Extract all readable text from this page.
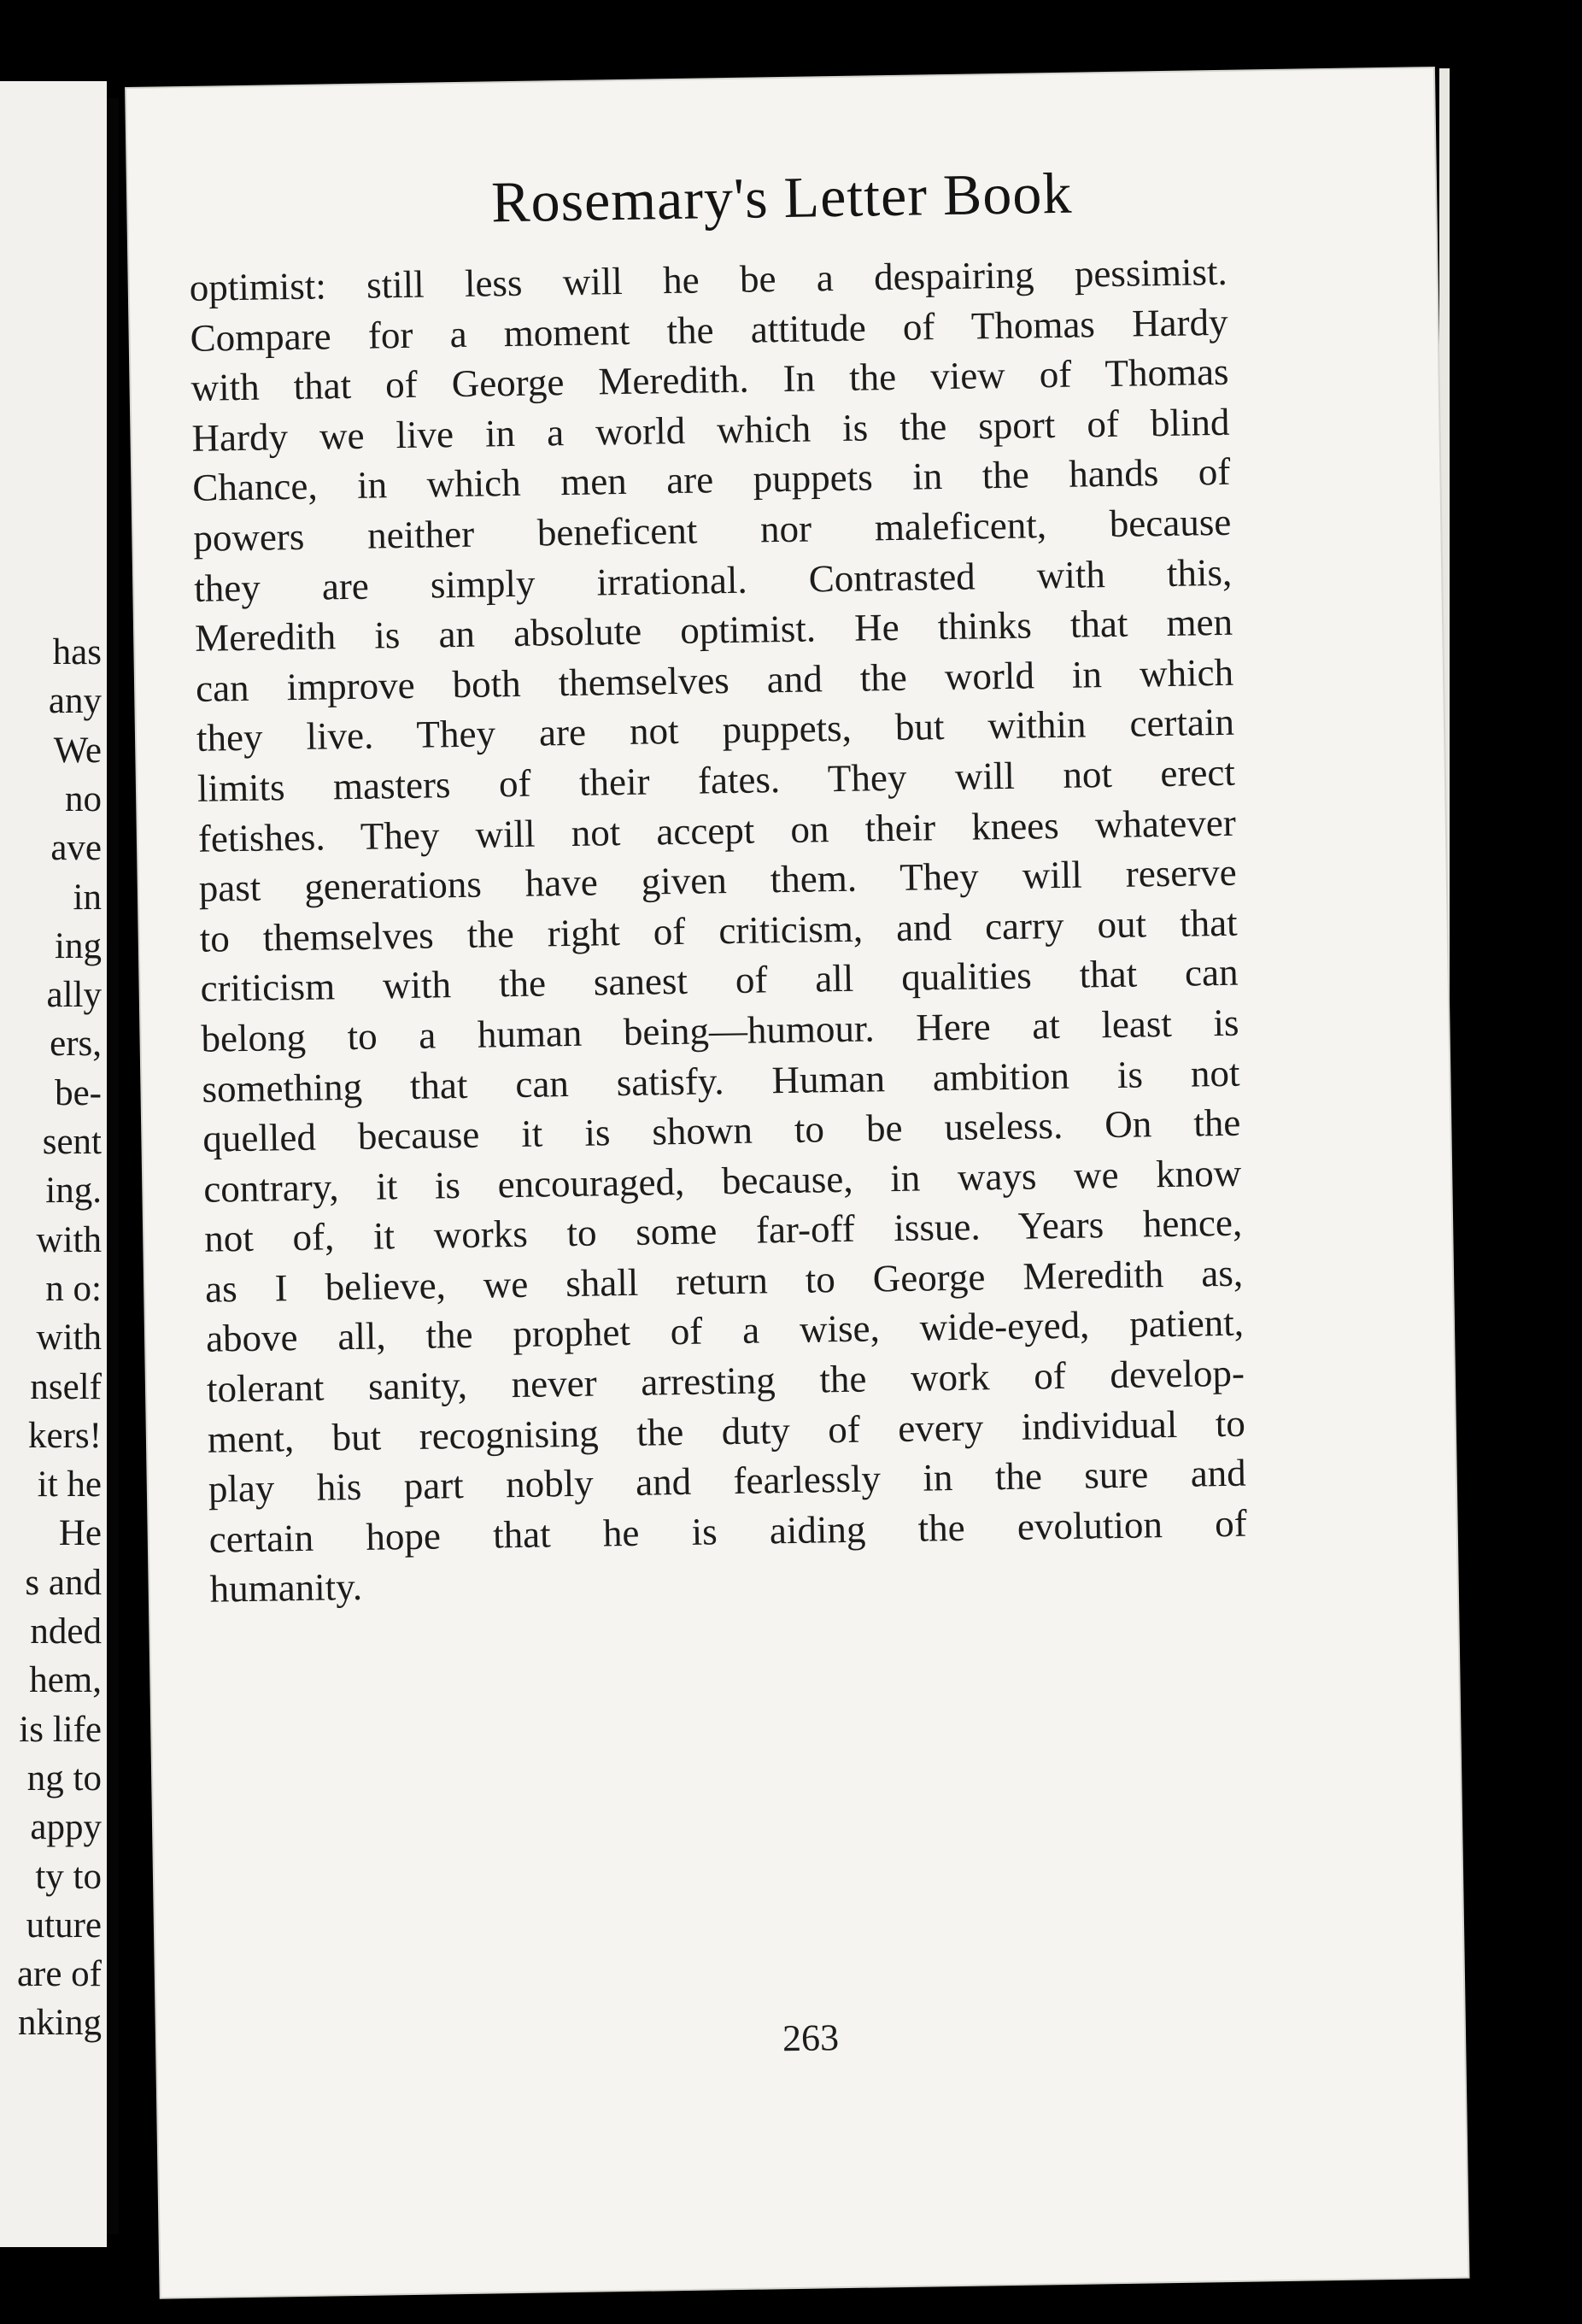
has
any
We
no
ave
in
ing
ally
ers,
be-
sent
ing.
with
n o:
with
nself
kers!
it he
He
s and
nded
hem,
is life
ng to
appy
ty to
uture
are of
nking
Rosemary's Letter Book
optimist: still less will he be a despairing pessimist.
Compare for a moment the attitude of Thomas Hardy
with that of George Meredith. In the view of Thomas
Hardy we live in a world which is the sport of blind
Chance, in which men are puppets in the hands of
powers neither beneficent nor maleficent, because
they are simply irrational. Contrasted with this,
Meredith is an absolute optimist. He thinks that men
can improve both themselves and the world in which
they live. They are not puppets, but within certain
limits masters of their fates. They will not erect
fetishes. They will not accept on their knees whatever
past generations have given them. They will reserve
to themselves the right of criticism, and carry out that
criticism with the sanest of all qualities that can
belong to a human being—humour. Here at least is
something that can satisfy. Human ambition is not
quelled because it is shown to be useless. On the
contrary, it is encouraged, because, in ways we know
not of, it works to some far-off issue. Years hence,
as I believe, we shall return to George Meredith as,
above all, the prophet of a wise, wide-eyed, patient,
tolerant sanity, never arresting the work of develop-
ment, but recognising the duty of every individual to
play his part nobly and fearlessly in the sure and
certain hope that he is aiding the evolution of
humanity.
263
